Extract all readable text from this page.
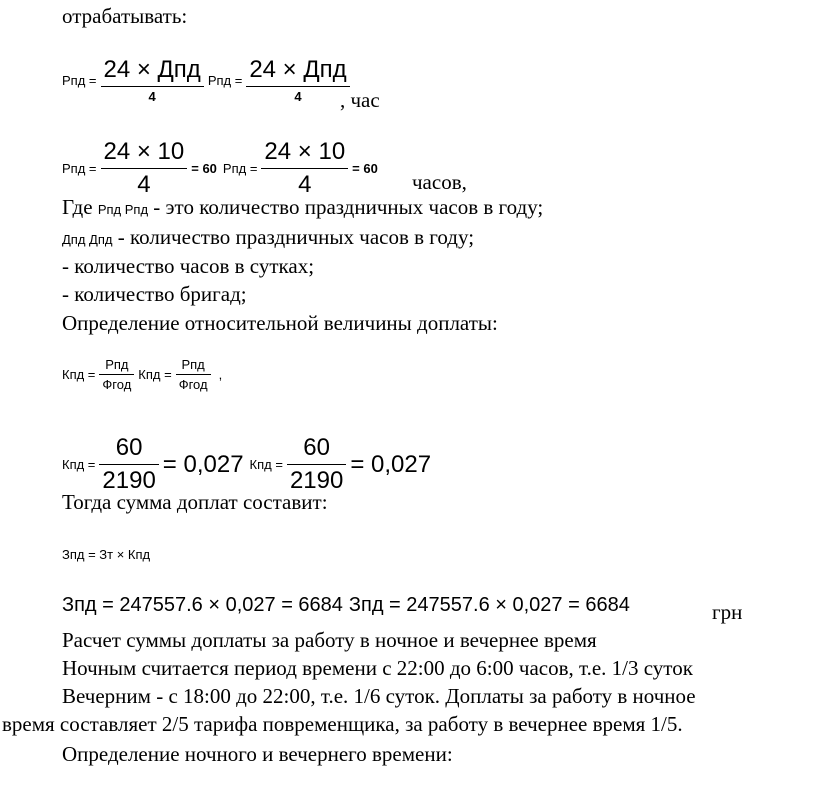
отрабатывать:
Рпд = $\frac{\text{24 × Дпд}}{4}$ Рпд = $\frac{\text{24 × Дпд}}{4}$
, час
Рпд = $\frac{24 \times 10}{4} = 60$ Рпд = $\frac{24 \times 10}{4} = 60$
часов,
Где Рпд Рпд - это количество праздничных часов в году;
Дпд Дпд - количество праздничных часов в году;
- количество часов в сутках;
- количество бригад;
Определение относительной величины доплаты:
Кпд = $\frac{\text{Рпд}}{\text{Фгод}}$ Кпд = $\frac{\text{Рпд}}{\text{Фгод}}$ ,
Кпд = $\frac{60}{2190} = 0,027$ Кпд = $\frac{60}{2190} = 0,027$
Тогда сумма доплат составит:
Зпд = Зт × Кпд
Зпд = 247557.6 × 0,027 = 6684 Зпд = 247557.6 × 0,027 = 6684	грн
Расчет суммы доплаты за работу в ночное и вечернее время
Ночным считается период времени с 22:00 до 6:00 часов, т.е. 1/3 суток
Вечерним - с 18:00 до 22:00, т.е. 1/6 суток. Доплаты за работу в ночное
время составляет 2/5 тарифа повременщика, за работу в вечернее время 1/5.
Определение ночного и вечернего времени:
